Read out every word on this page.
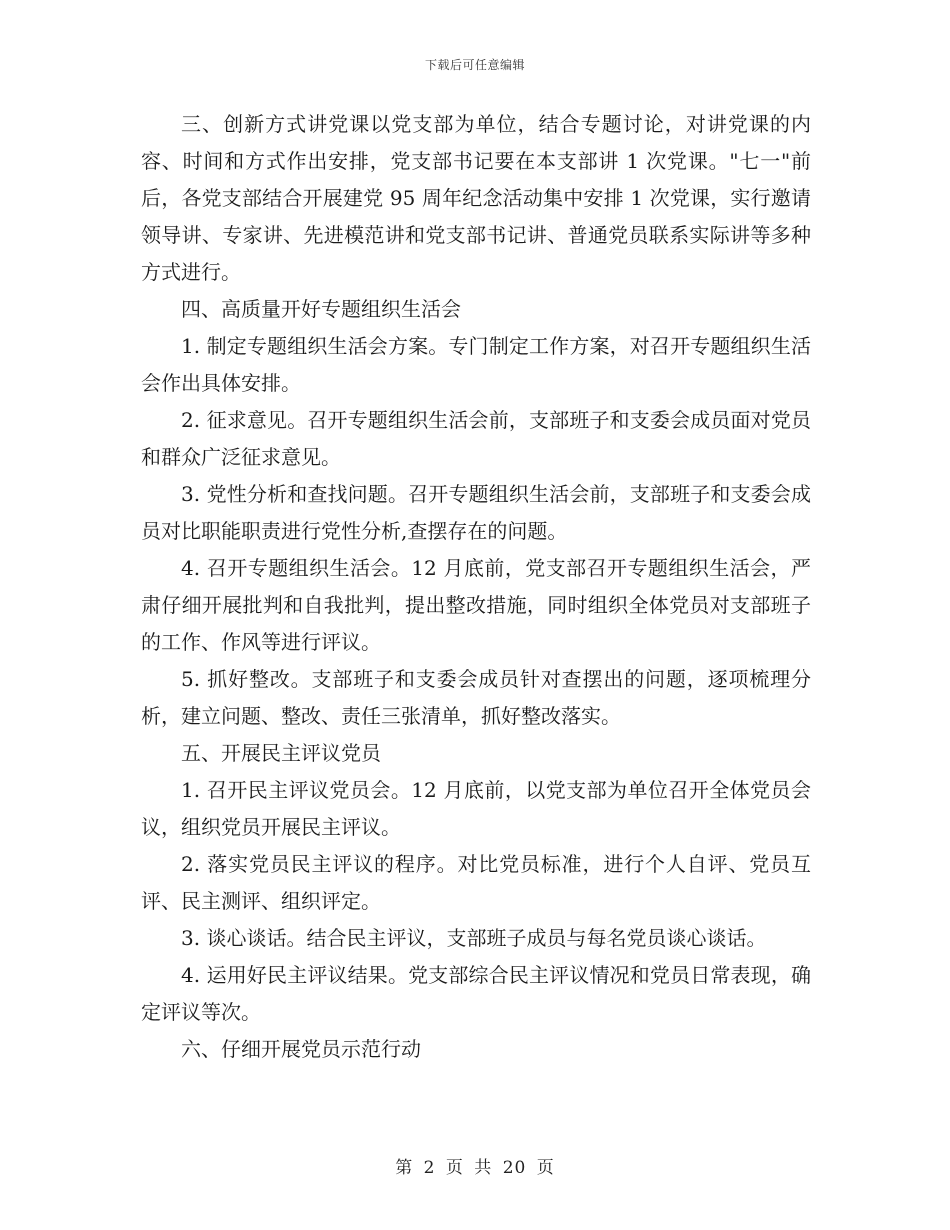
下载后可任意编辑

三、创新方式讲党课以党支部为单位，结合专题讨论，对讲党课的内容、时间和方式作出安排，党支部书记要在本支部讲 1 次党课。"七一"前后，各党支部结合开展建党 95 周年纪念活动集中安排 1 次党课，实行邀请领导讲、专家讲、先进模范讲和党支部书记讲、普通党员联系实际讲等多种方式进行。

四、高质量开好专题组织生活会

1. 制定专题组织生活会方案。专门制定工作方案，对召开专题组织生活会作出具体安排。

2. 征求意见。召开专题组织生活会前，支部班子和支委会成员面对党员和群众广泛征求意见。

3. 党性分析和查找问题。召开专题组织生活会前，支部班子和支委会成员对比职能职责进行党性分析,查摆存在的问题。

4. 召开专题组织生活会。12 月底前，党支部召开专题组织生活会，严肃仔细开展批判和自我批判，提出整改措施，同时组织全体党员对支部班子的工作、作风等进行评议。

5. 抓好整改。支部班子和支委会成员针对查摆出的问题，逐项梳理分析，建立问题、整改、责任三张清单，抓好整改落实。

五、开展民主评议党员

1. 召开民主评议党员会。12 月底前，以党支部为单位召开全体党员会议，组织党员开展民主评议。

2. 落实党员民主评议的程序。对比党员标准，进行个人自评、党员互评、民主测评、组织评定。

3. 谈心谈话。结合民主评议，支部班子成员与每名党员谈心谈话。

4. 运用好民主评议结果。党支部综合民主评议情况和党员日常表现，确定评议等次。

六、仔细开展党员示范行动

第 2 页 共 20 页
